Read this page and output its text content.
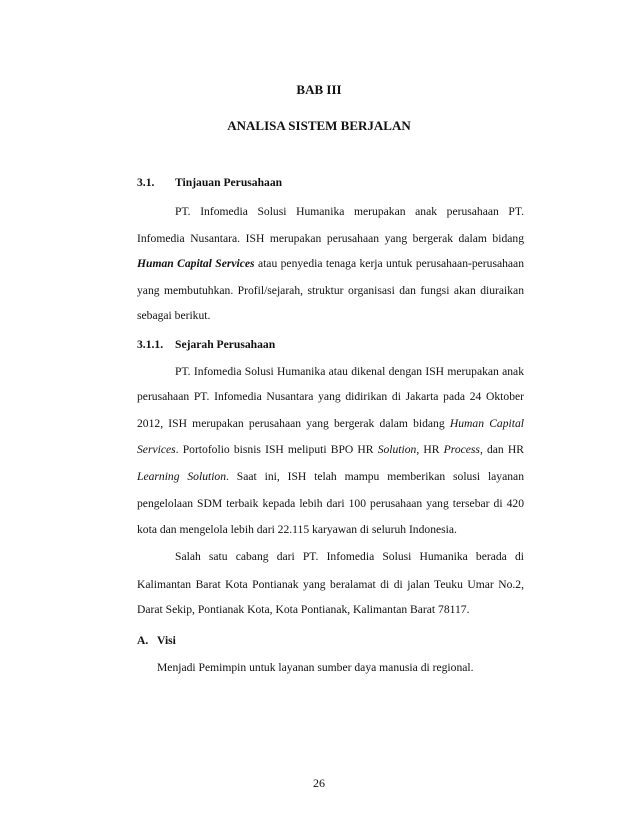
BAB III
ANALISA SISTEM BERJALAN
3.1. Tinjauan Perusahaan
PT. Infomedia Solusi Humanika merupakan anak perusahaan PT.
Infomedia Nusantara. ISH merupakan perusahaan yang bergerak dalam bidang
Human Capital Services atau penyedia tenaga kerja untuk perusahaan-perusahaan
yang membutuhkan. Profil/sejarah, struktur organisasi dan fungsi akan diuraikan
sebagai berikut.
3.1.1. Sejarah Perusahaan
PT. Infomedia Solusi Humanika atau dikenal dengan ISH merupakan anak
perusahaan PT. Infomedia Nusantara yang didirikan di Jakarta pada 24 Oktober
2012, ISH merupakan perusahaan yang bergerak dalam bidang Human Capital
Services. Portofolio bisnis ISH meliputi BPO HR Solution, HR Process, dan HR
Learning Solution. Saat ini, ISH telah mampu memberikan solusi layanan
pengelolaan SDM terbaik kepada lebih dari 100 perusahaan yang tersebar di 420
kota dan mengelola lebih dari 22.115 karyawan di seluruh Indonesia.
Salah satu cabang dari PT. Infomedia Solusi Humanika berada di
Kalimantan Barat Kota Pontianak yang beralamat di di jalan Teuku Umar No.2,
Darat Sekip, Pontianak Kota, Kota Pontianak, Kalimantan Barat 78117.
A. Visi
Menjadi Pemimpin untuk layanan sumber daya manusia di regional.
26
